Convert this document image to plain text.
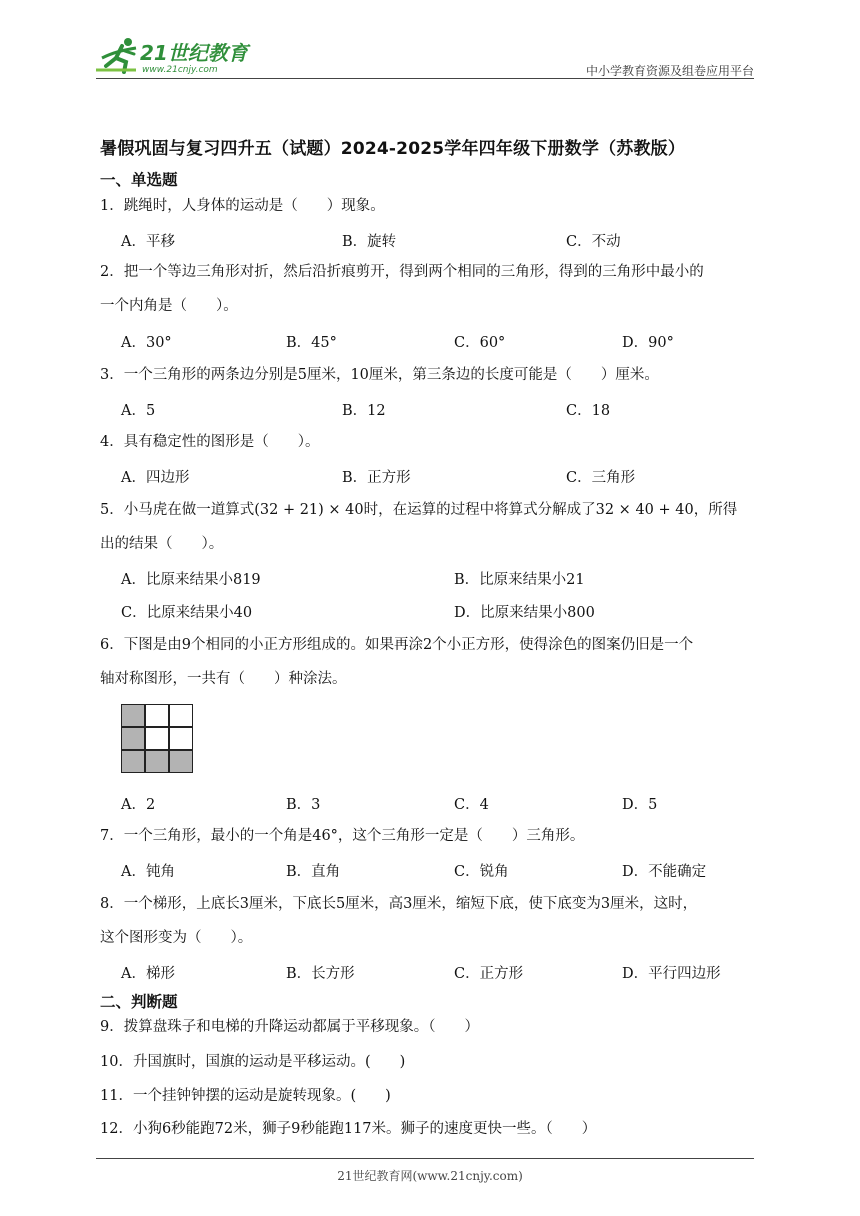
21世纪教育
www.21cnjy.com	中小学教育资源及组卷应用平台
暑假巩固与复习四升五（试题）2024-2025学年四年级下册数学（苏教版）
一、单选题
1．跳绳时，人身体的运动是（　　）现象。
A．平移	B．旋转	C．不动
2．把一个等边三角形对折，然后沿折痕剪开，得到两个相同的三角形，得到的三角形中最小的
一个内角是（　　）。
A．30°	B．45°	C．60°	D．90°
3．一个三角形的两条边分别是5厘米，10厘米，第三条边的长度可能是（　　）厘米。
A．5	B．12	C．18
4．具有稳定性的图形是（　　）。
A．四边形	B．正方形	C．三角形
5．小马虎在做一道算式(32 + 21) × 40时，在运算的过程中将算式分解成了32 × 40 + 40，所得
出的结果（　　）。
A．比原来结果小819	B．比原来结果小21
C．比原来结果小40	D．比原来结果小800
6．下图是由9个相同的小正方形组成的。如果再涂2个小正方形，使得涂色的图案仍旧是一个
轴对称图形，一共有（　　）种涂法。
A．2	B．3	C．4	D．5
7．一个三角形，最小的一个角是46°，这个三角形一定是（　　）三角形。
A．钝角	B．直角	C．锐角	D．不能确定
8．一个梯形，上底长3厘米，下底长5厘米，高3厘米，缩短下底，使下底变为3厘米，这时，
这个图形变为（　　）。
A．梯形	B．长方形	C．正方形	D．平行四边形
二、判断题
9．拨算盘珠子和电梯的升降运动都属于平移现象。（　　）
10．升国旗时，国旗的运动是平移运动。(　　)
11．一个挂钟钟摆的运动是旋转现象。(　　)
12．小狗6秒能跑72米，狮子9秒能跑117米。狮子的速度更快一些。（　　）
21世纪教育网(www.21cnjy.com)
